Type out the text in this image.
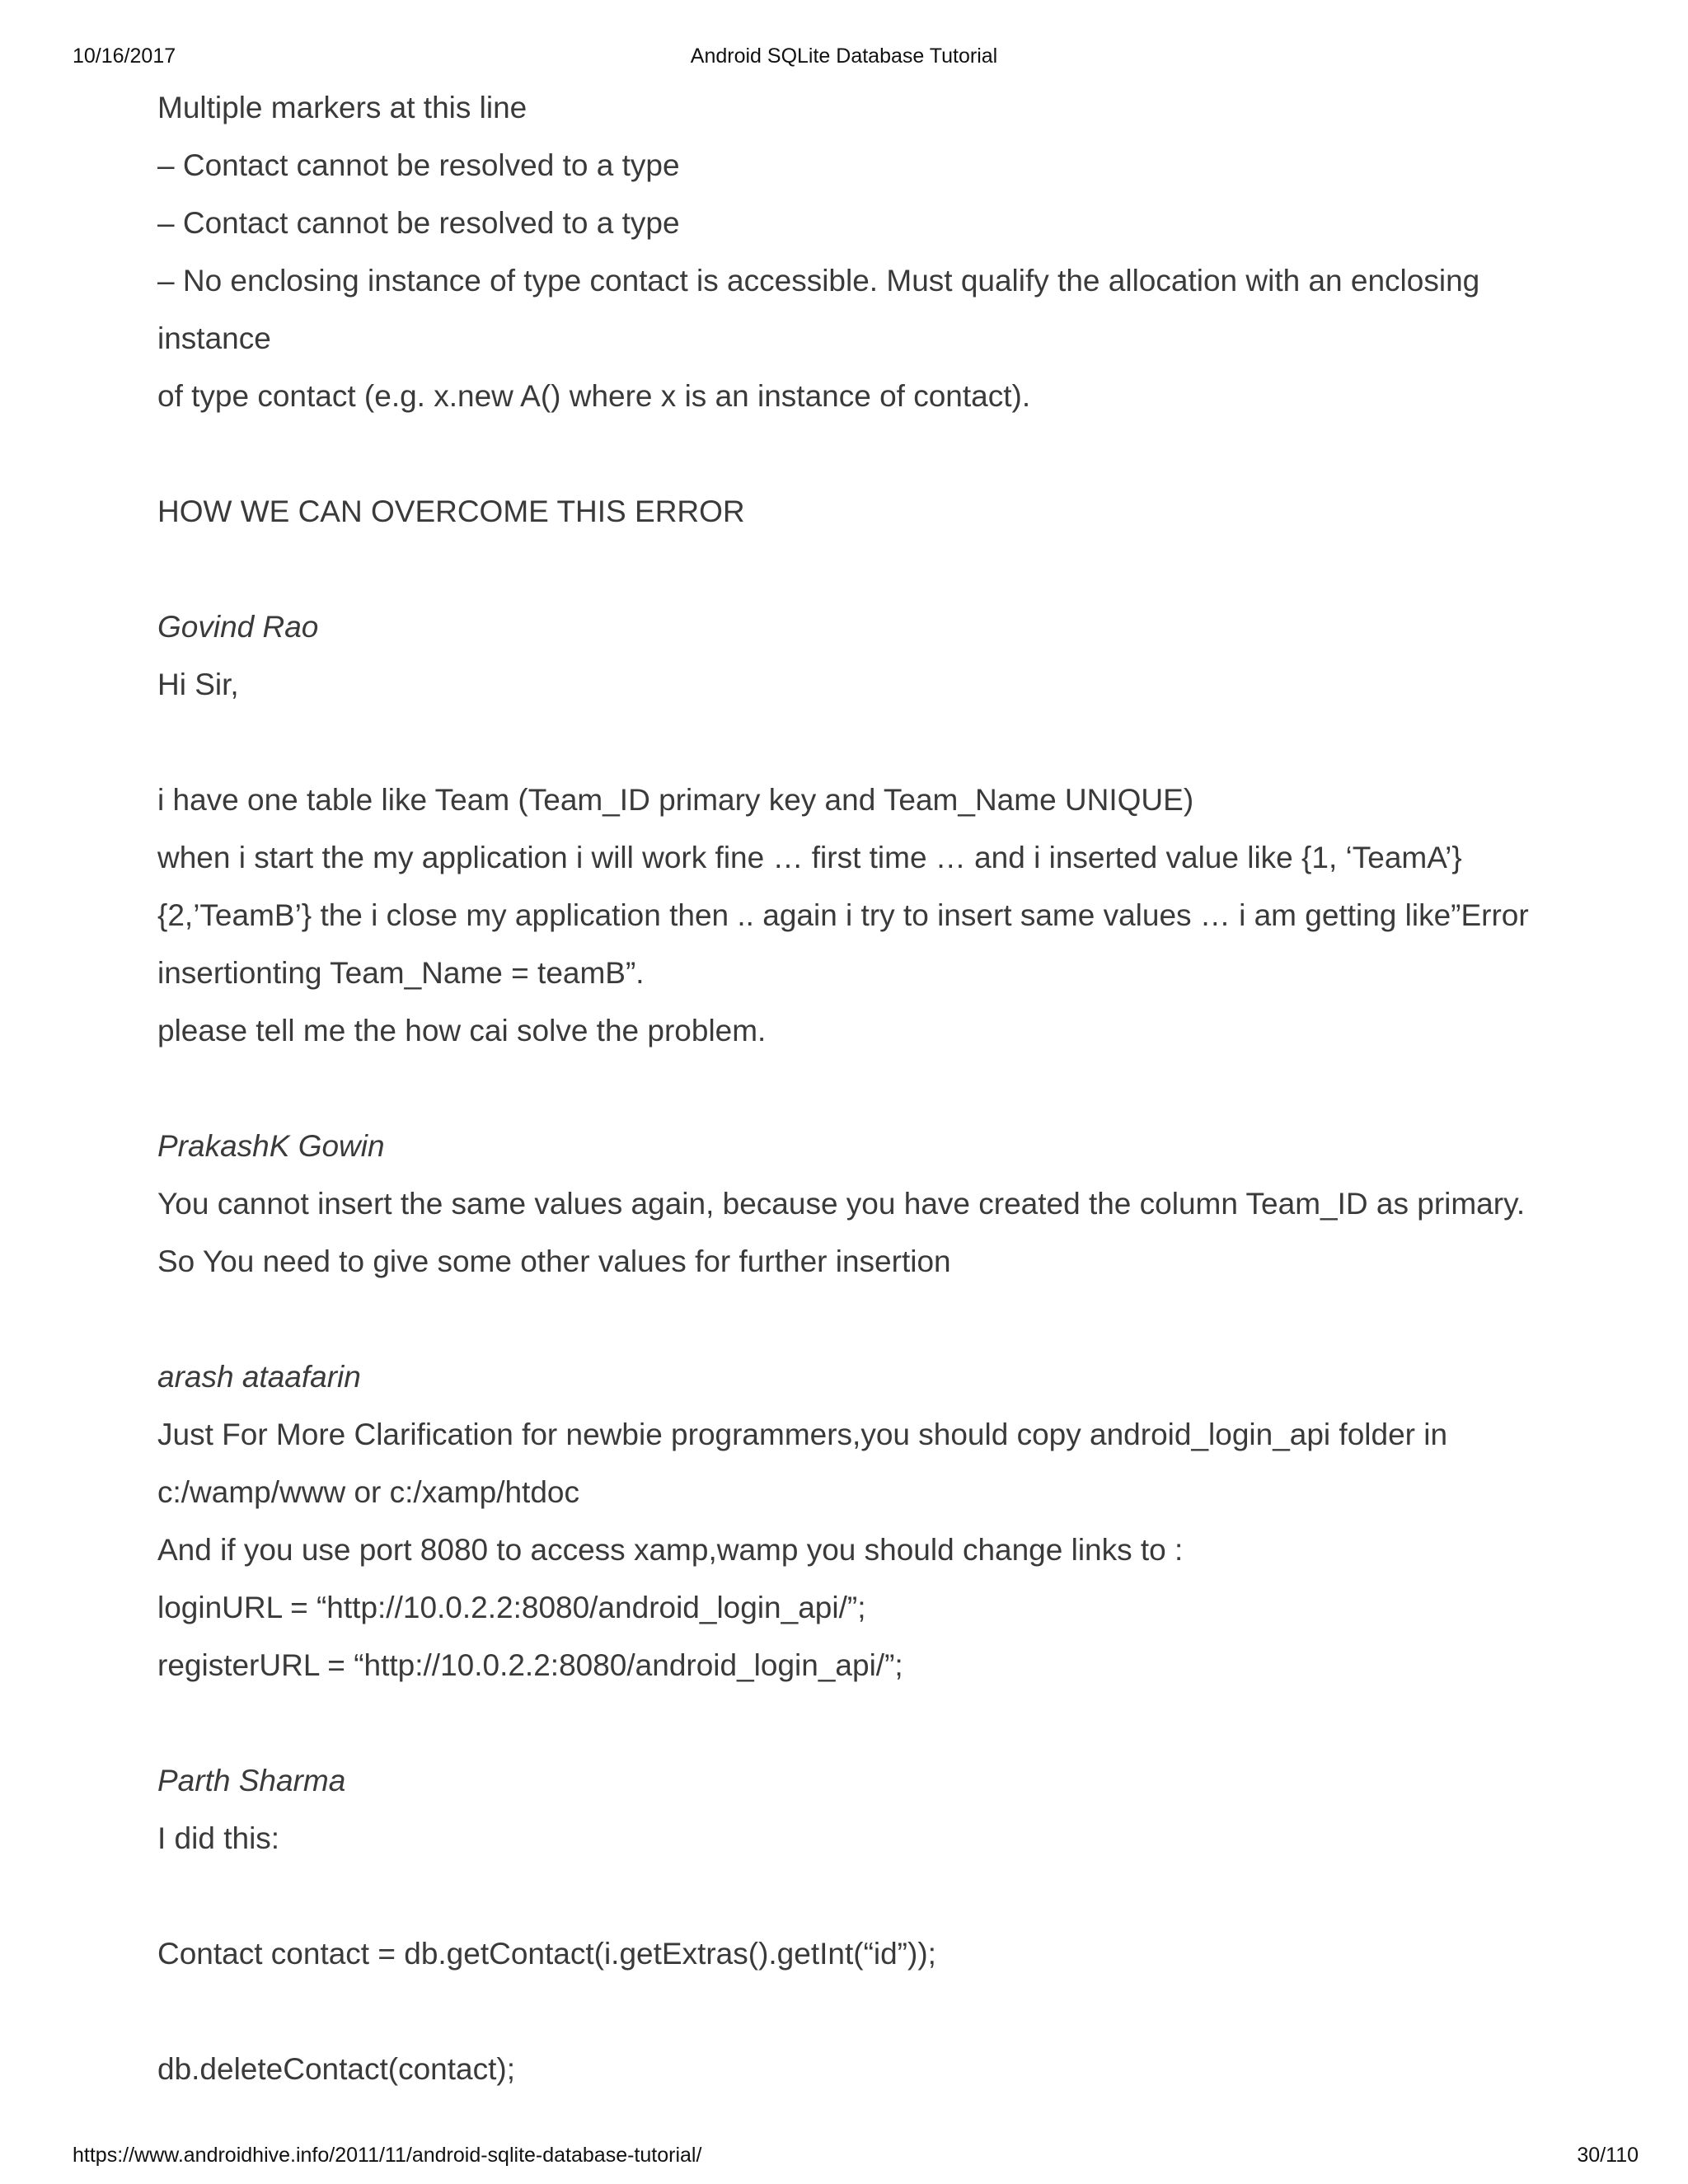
10/16/2017	Android SQLite Database Tutorial
Multiple markers at this line
– Contact cannot be resolved to a type
– Contact cannot be resolved to a type
– No enclosing instance of type contact is accessible. Must qualify the allocation with an enclosing
instance
of type contact (e.g. x.new A() where x is an instance of contact).
HOW WE CAN OVERCOME THIS ERROR
Govind Rao
Hi Sir,
i have one table like Team (Team_ID primary key and Team_Name UNIQUE)
when i start the my application i will work fine … first time … and i inserted value like {1, ‘TeamA’}
{2,’TeamB’} the i close my application then .. again i try to insert same values … i am getting like”Error
insertionting Team_Name = teamB”.
please tell me the how cai solve the problem.
PrakashK Gowin
You cannot insert the same values again, because you have created the column Team_ID as primary.
So You need to give some other values for further insertion
arash ataafarin
Just For More Clarification for newbie programmers,you should copy android_login_api folder in
c:/wamp/www or c:/xamp/htdoc
And if you use port 8080 to access xamp,wamp you should change links to :
loginURL = “http://10.0.2.2:8080/android_login_api/”;
registerURL = “http://10.0.2.2:8080/android_login_api/”;
Parth Sharma
I did this:
Contact contact = db.getContact(i.getExtras().getInt(“id”));
db.deleteContact(contact);
https://www.androidhive.info/2011/11/android-sqlite-database-tutorial/	30/110
